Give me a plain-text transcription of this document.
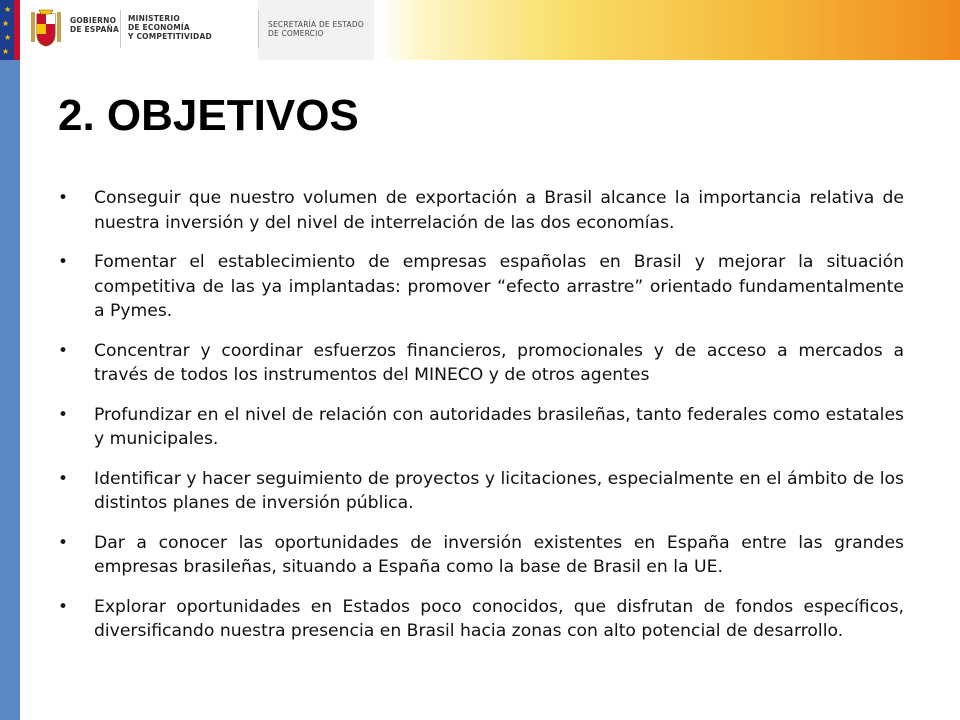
★
★
★
★
GOBIERNO
DE ESPAÑA
MINISTERIO
DE ECONOMÍA
Y COMPETITIVIDAD
SECRETARÍA DE ESTADO
DE COMERCIO
2. OBJETIVOS
• Conseguir que nuestro volumen de exportación a Brasil alcance la importancia relativa de nuestra inversión y del nivel de interrelación de las dos economías.
• Fomentar el establecimiento de empresas españolas en Brasil y mejorar la situación competitiva de las ya implantadas: promover “efecto arrastre” orientado fundamentalmente a Pymes.
• Concentrar y coordinar esfuerzos financieros, promocionales y de acceso a mercados a través de todos los instrumentos del MINECO y de otros agentes
• Profundizar en el nivel de relación con autoridades brasileñas, tanto federales como estatales y municipales.
• Identificar y hacer seguimiento de proyectos y licitaciones, especialmente en el ámbito de los distintos planes de inversión pública.
• Dar a conocer las oportunidades de inversión existentes en España entre las grandes empresas brasileñas, situando a España como la base de Brasil en la UE.
• Explorar oportunidades en Estados poco conocidos, que disfrutan de fondos específicos, diversificando nuestra presencia en Brasil hacia zonas con alto potencial de desarrollo.
